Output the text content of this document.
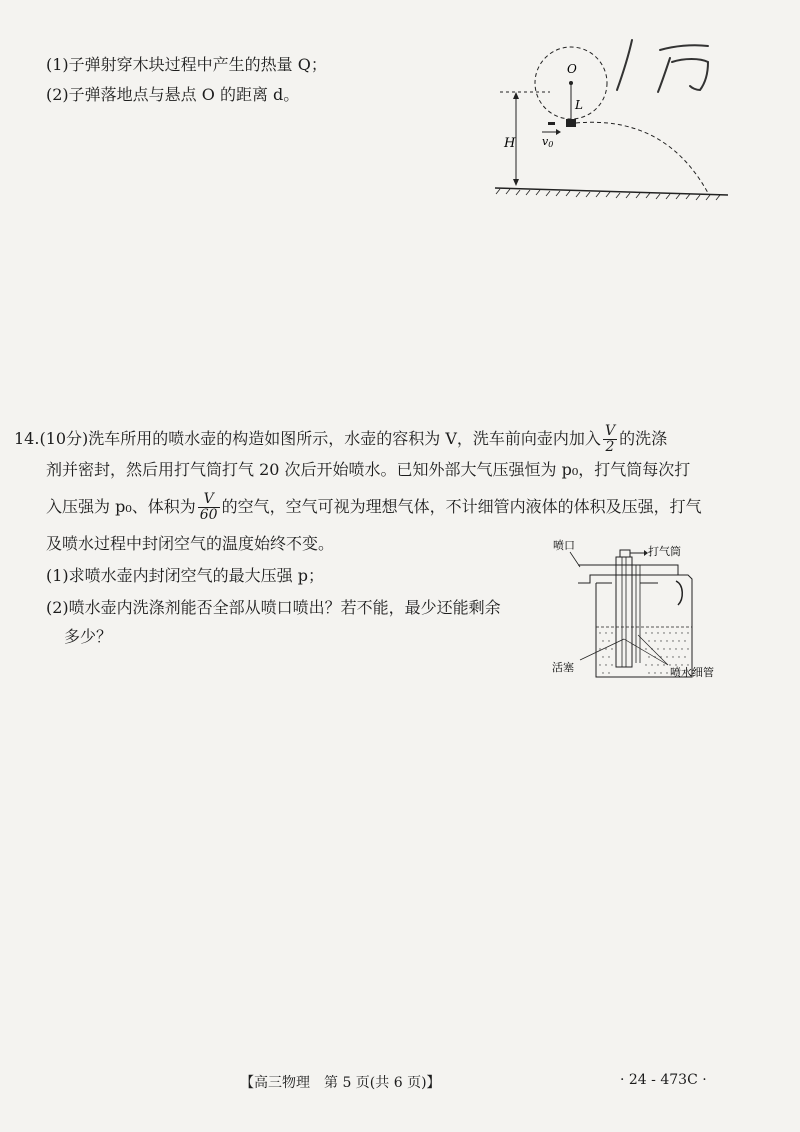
(1)子弹射穿木块过程中产生的热量 Q；
(2)子弹落地点与悬点 O 的距离 d。
O
L
v0
H
1万
14.(10分)洗车所用的喷水壶的构造如图所示，水壶的容积为 V，洗车前向壶内加入 $\frac{V}{2}$ 的洗涤
剂并密封，然后用打气筒打气 20 次后开始喷水。已知外部大气压强恒为 p₀，打气筒每次打
入压强为 p₀、体积为 $\frac{V}{60}$ 的空气，空气可视为理想气体，不计细管内液体的体积及压强，打气
及喷水过程中封闭空气的温度始终不变。
(1)求喷水壶内封闭空气的最大压强 p；
(2)喷水壶内洗涤剂能否全部从喷口喷出？若不能，最少还能剩余
多少？
喷口	打气筒
活塞	喷水细管
【高三物理　第 5 页(共 6 页)】	· 24 - 473C ·
